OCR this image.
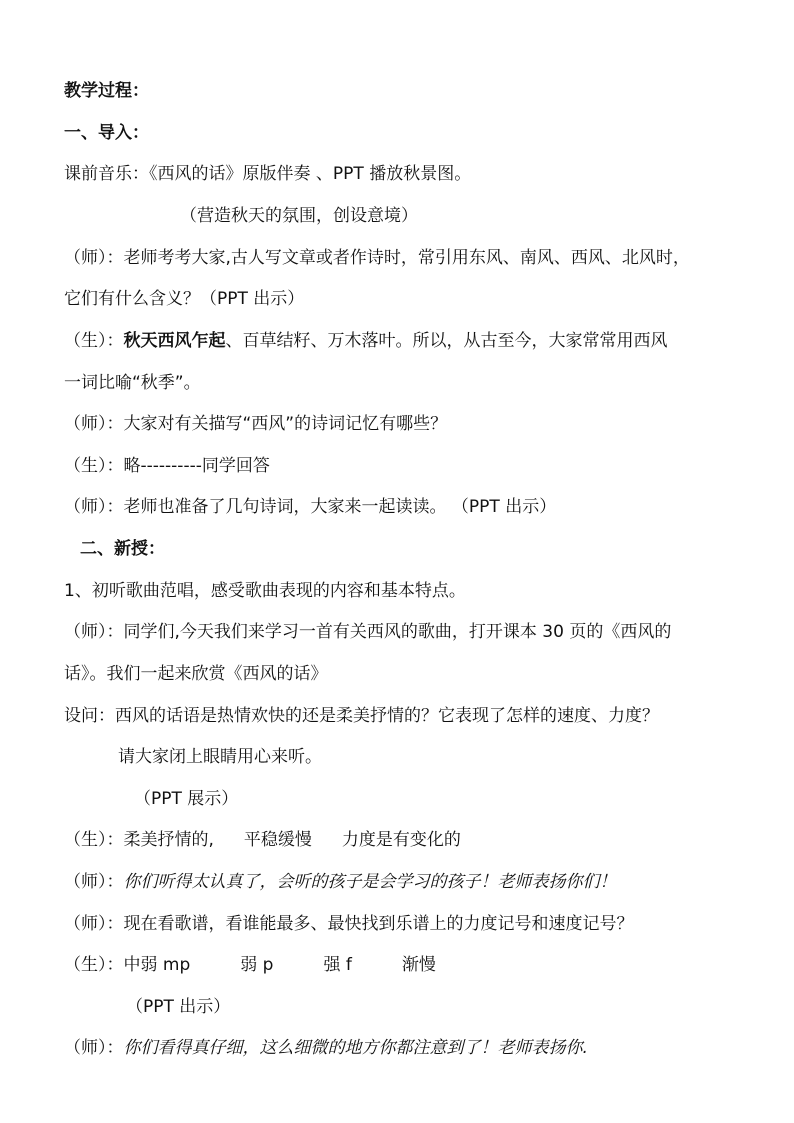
教学过程：
一、导入：
课前音乐：《西风的话》原版伴奏 、PPT 播放秋景图。
（营造秋天的氛围，创设意境）
（师）：老师考考大家,古人写文章或者作诗时，常引用东风、南风、西风、北风时，
它们有什么含义？（PPT 出示）
（生）：秋天西风乍起、百草结籽、万木落叶。所以，从古至今，大家常常用西风
一词比喻“秋季”。
（师）：大家对有关描写“西风”的诗词记忆有哪些？
（生）：略----------同学回答
（师）：老师也准备了几句诗词，大家来一起读读。 （PPT 出示）
二、新授：
1、初听歌曲范唱，感受歌曲表现的内容和基本特点。
（师）：同学们,今天我们来学习一首有关西风的歌曲，打开课本 30 页的《西风的
话》。我们一起来欣赏《西风的话》
设问：西风的话语是热情欢快的还是柔美抒情的？它表现了怎样的速度、力度？
请大家闭上眼睛用心来听。
（PPT 展示）
（生）：柔美抒情的, 平稳缓慢 力度是有变化的
（师）：你们听得太认真了，会听的孩子是会学习的孩子！老师表扬你们！
（师）：现在看歌谱，看谁能最多、最快找到乐谱上的力度记号和速度记号？
（生）：中弱 mp	弱 p	强 f	渐慢
（PPT 出示）
（师）：你们看得真仔细，这么细微的地方你都注意到了！老师表扬你.
